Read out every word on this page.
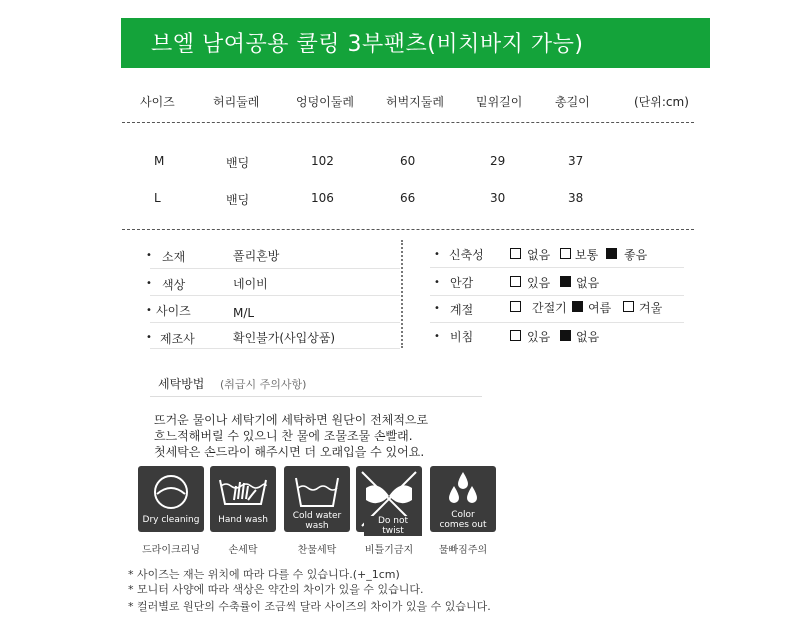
브엘 남여공용 쿨링 3부팬츠(비치바지 가능)
사이즈	허리둘레	엉덩이둘레	허벅지둘레	밑위길이	총길이	(단위:cm)
M	밴딩	102	60	29	37
L	밴딩	106	66	30	38
• 소재	폴리혼방
• 색상	네이비
• 사이즈	M/L
• 제조사	확인불가(사입상품)
• 신축성	없음 보통 좋음
• 안감	있음 없음
• 계절	간절기 여름 겨울
• 비침	있음 없음
세탁방법 (취급시 주의사항)
뜨거운 물이나 세탁기에 세탁하면 원단이 전체적으로
흐느적해버릴 수 있으니 찬 물에 조물조물 손빨래.
첫세탁은 손드라이 해주시면 더 오래입을 수 있어요.
Dry cleaning	Hand wash	Cold water
wash	Do not twist
Color
comes out
드라이크리닝	손세탁	찬물세탁	비틀기금지	물빠짐주의
* 사이즈는 재는 위치에 따라 다를 수 있습니다.(+_1cm)
* 모니터 사양에 따라 색상은 약간의 차이가 있을 수 있습니다.
* 컬러별로 원단의 수축률이 조금씩 달라 사이즈의 차이가 있을 수 있습니다.
